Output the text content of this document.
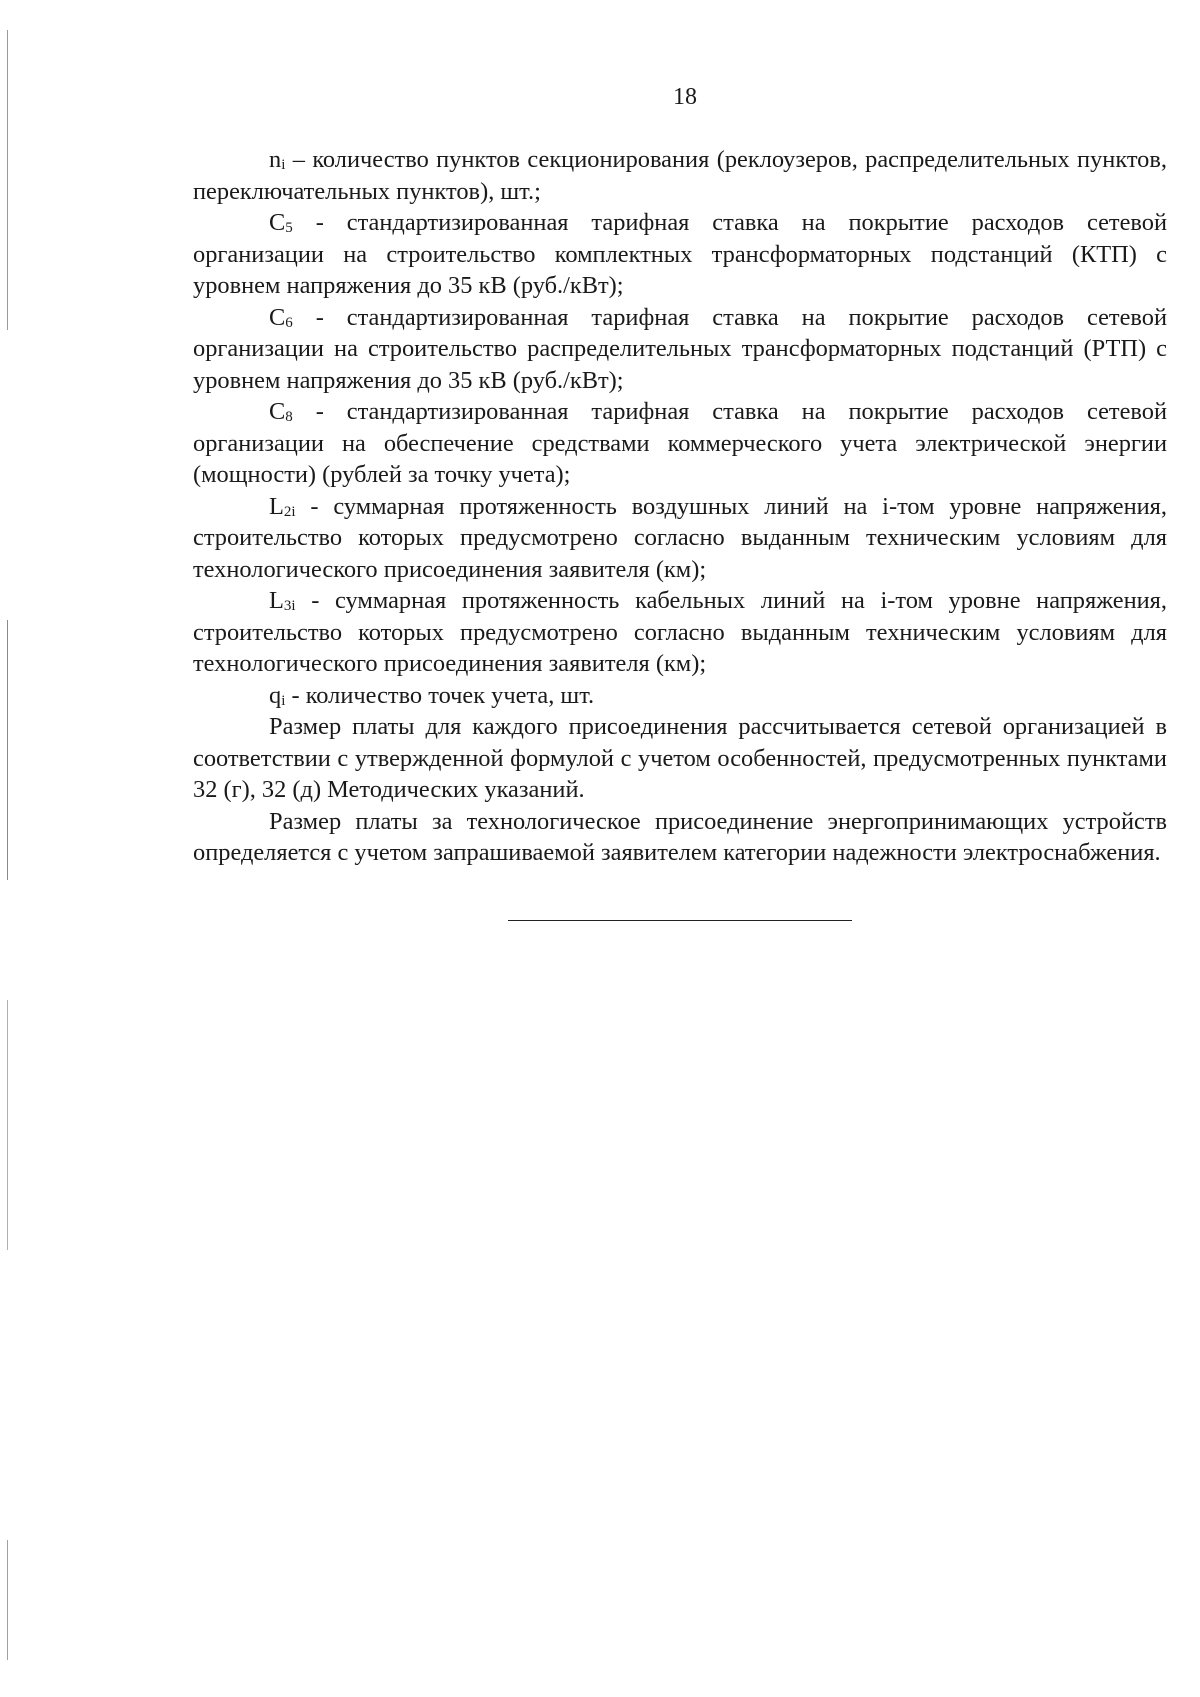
18

$n_i$ – количество пунктов секционирования (реклоузеров, распределительных пунктов, переключательных пунктов), шт.;

$C_5$ - стандартизированная тарифная ставка на покрытие расходов сетевой организации на строительство комплектных трансформаторных подстанций (КТП) с уровнем напряжения до 35 кВ (руб./кВт);

$C_6$ - стандартизированная тарифная ставка на покрытие расходов сетевой организации на строительство распределительных трансформаторных подстанций (РТП) с уровнем напряжения до 35 кВ (руб./кВт);

$C_8$ - стандартизированная тарифная ставка на покрытие расходов сетевой организации на обеспечение средствами коммерческого учета электрической энергии (мощности) (рублей за точку учета);

$L_{2i}$ - суммарная протяженность воздушных линий на i-том уровне напряжения, строительство которых предусмотрено согласно выданным техническим условиям для технологического присоединения заявителя (км);

$L_{3i}$ - суммарная протяженность кабельных линий на i-том уровне напряжения, строительство которых предусмотрено согласно выданным техническим условиям для технологического присоединения заявителя (км);

$q_i$ - количество точек учета, шт.

Размер платы для каждого присоединения рассчитывается сетевой организацией в соответствии с утвержденной формулой с учетом особенностей, предусмотренных пунктами 32 (г), 32 (д) Методических указаний.

Размер платы за технологическое присоединение энергопринимающих устройств определяется с учетом запрашиваемой заявителем категории надежности электроснабжения.
